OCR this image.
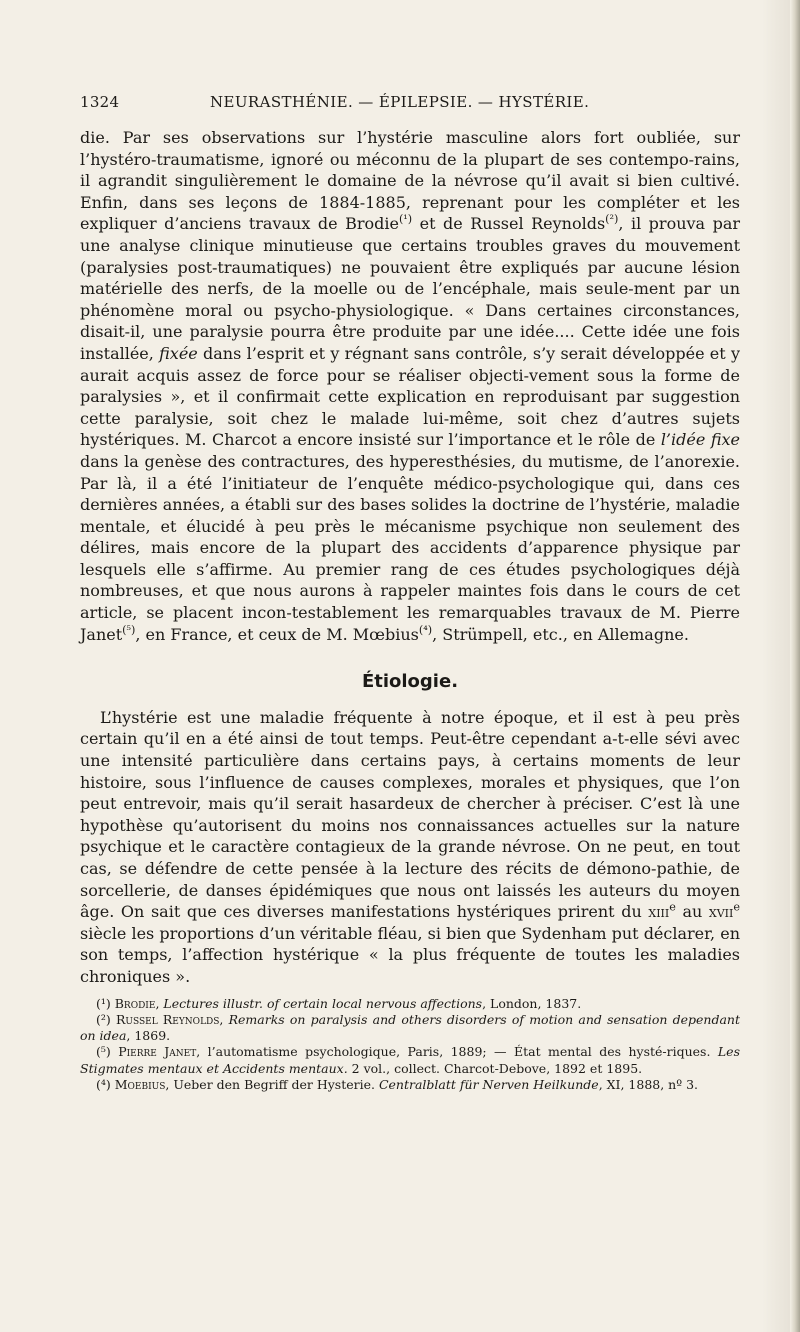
1324	NEURASTHÉNIE. — ÉPILEPSIE. — HYSTÉRIE.

die. Par ses observations sur l’hystérie masculine alors fort oubliée, sur l’hystéro-traumatisme, ignoré ou méconnu de la plupart de ses contempo-rains, il agrandit singulièrement le domaine de la névrose qu’il avait si bien cultivé. Enfin, dans ses leçons de 1884-1885, reprenant pour les compléter et les expliquer d’anciens travaux de Brodie$^{(^1)}$ et de Russel Reynolds$^{(^2)}$, il prouva par une analyse clinique minutieuse que certains troubles graves du mouvement (paralysies post-traumatiques) ne pouvaient être expliqués par aucune lésion matérielle des nerfs, de la moelle ou de l’encéphale, mais seule-ment par un phénomène moral ou psycho-physiologique. « Dans certaines circonstances, disait-il, une paralysie pourra être produite par une idée.... Cette idée une fois installée, fixée dans l’esprit et y régnant sans contrôle, s’y serait développée et y aurait acquis assez de force pour se réaliser objecti-vement sous la forme de paralysies », et il confirmait cette explication en reproduisant par suggestion cette paralysie, soit chez le malade lui-même, soit chez d’autres sujets hystériques. M. Charcot a encore insisté sur l’importance et le rôle de l’idée fixe dans la genèse des contractures, des hyperesthésies, du mutisme, de l’anorexie. Par là, il a été l’initiateur de l’enquête médico-psychologique qui, dans ces dernières années, a établi sur des bases solides la doctrine de l’hystérie, maladie mentale, et élucidé à peu près le mécanisme psychique non seulement des délires, mais encore de la plupart des accidents d’apparence physique par lesquels elle s’affirme. Au premier rang de ces études psychologiques déjà nombreuses, et que nous aurons à rappeler maintes fois dans le cours de cet article, se placent incon-testablement les remarquables travaux de M. Pierre Janet$^{(^5)}$, en France, et ceux de M. Mœbius$^{(^4)}$, Strümpell, etc., en Allemagne.

Étiologie.

L’hystérie est une maladie fréquente à notre époque, et il est à peu près certain qu’il en a été ainsi de tout temps. Peut-être cependant a-t-elle sévi avec une intensité particulière dans certains pays, à certains moments de leur histoire, sous l’influence de causes complexes, morales et physiques, que l’on peut entrevoir, mais qu’il serait hasardeux de chercher à préciser. C’est là une hypothèse qu’autorisent du moins nos connaissances actuelles sur la nature psychique et le caractère contagieux de la grande névrose. On ne peut, en tout cas, se défendre de cette pensée à la lecture des récits de démono-pathie, de sorcellerie, de danses épidémiques que nous ont laissés les auteurs du moyen âge. On sait que ces diverses manifestations hystériques prirent du xiii$^e$ au xvii$^e$ siècle les proportions d’un véritable fléau, si bien que Sydenham put déclarer, en son temps, l’affection hystérique « la plus fréquente de toutes les maladies chroniques ».

(¹) Brodie, Lectures illustr. of certain local nervous affections, London, 1837.

(²) Russel Reynolds, Remarks on paralysis and others disorders of motion and sensation dependant on idea, 1869.

(⁵) Pierre Janet, l’automatisme psychologique, Paris, 1889; — État mental des hysté-riques. Les Stigmates mentaux et Accidents mentaux. 2 vol., collect. Charcot-Debove, 1892 et 1895.

(⁴) Moebius, Ueber den Begriff der Hysterie. Centralblatt für Nerven Heilkunde, XI, 1888, nº 3.
